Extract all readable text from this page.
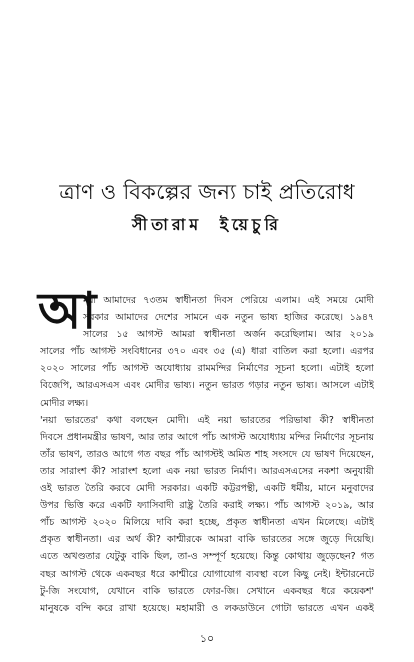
ত্রাণ ও বিকল্পের জন্য চাই প্রতিরোধ
সীতারাম ইয়েচুরি
আ
মরা আমাদের ৭৩তম স্বাধীনতা দিবস পেরিয়ে এলাম। এই সময়ে মোদী
সরকার আমাদের দেশের সামনে এক নতুন ভাষ্য হাজির করেছে। ১৯৪৭
সালের ১৫ আগস্ট আমরা স্বাধীনতা অর্জন করেছিলাম। আর ২০১৯
সালের পাঁচ আগস্ট সংবিধানের ৩৭০ এবং ৩৫ (এ) ধারা বাতিল করা হলো। এরপর
২০২০ সালের পাঁচ আগস্ট অযোধ্যায় রামমন্দির নির্মাণের সূচনা হলো। এটাই হলো
বিজেপি, আরএসএস এবং মোদীর ভাষ্য। নতুন ভারত গড়ার নতুন ভাষ্য। আসলে এটাই
মোদীর লক্ষ্য।
'নয়া ভারতের' কথা বলছেন মোদী। এই নয়া ভারতের পরিভাষা কী? স্বাধীনতা
দিবসে প্রধানমন্ত্রীর ভাষণ, আর তার আগে পাঁচ আগস্ট অযোধ্যায় মন্দির নির্মাণের সূচনায়
তাঁর ভাষণ, তারও আগে গত বছর পাঁচ আগস্টই অমিত শাহ সংসদে যে ভাষণ দিয়েছেন,
তার সারাংশ কী? সারাংশ হলো এক নয়া ভারত নির্মাণ। আরএসএসের নকশা অনুযায়ী
ওই ভারত তৈরি করবে মোদী সরকার। একটি কট্টরপন্থী, একটি ধর্মীয়, মানে মনুবাদের
উপর ভিত্তি করে একটি ফ্যাসিবাদী রাষ্ট্র তৈরি করাই লক্ষ্য। পাঁচ আগস্ট ২০১৯, আর
পাঁচ আগস্ট ২০২০ মিলিয়ে দাবি করা হচ্ছে, প্রকৃত স্বাধীনতা এখন মিলেছে। এটাই
প্রকৃত স্বাধীনতা। এর অর্থ কী? কাশ্মীরকে আমরা বাকি ভারতের সঙ্গে জুড়ে দিয়েছি।
এতে অখণ্ডতার যেটুকু বাকি ছিল, তা-ও সম্পূর্ণ হয়েছে। কিন্তু কোথায় জুড়েছেন? গত
বছর আগস্ট থেকে একবছর ধরে কাশ্মীরে যোগাযোগ ব্যবস্থা বলে কিছু নেই। ইন্টারনেটে
টু-জি সংযোগ, যেখানে বাকি ভারতে ফোর-জি। সেখানে একবছর ধরে কয়েকশ'
মানুষকে বন্দি করে রাখা হয়েছে। মহামারী ও লকডাউনে গোটা ভারতে এখন একই
১০
